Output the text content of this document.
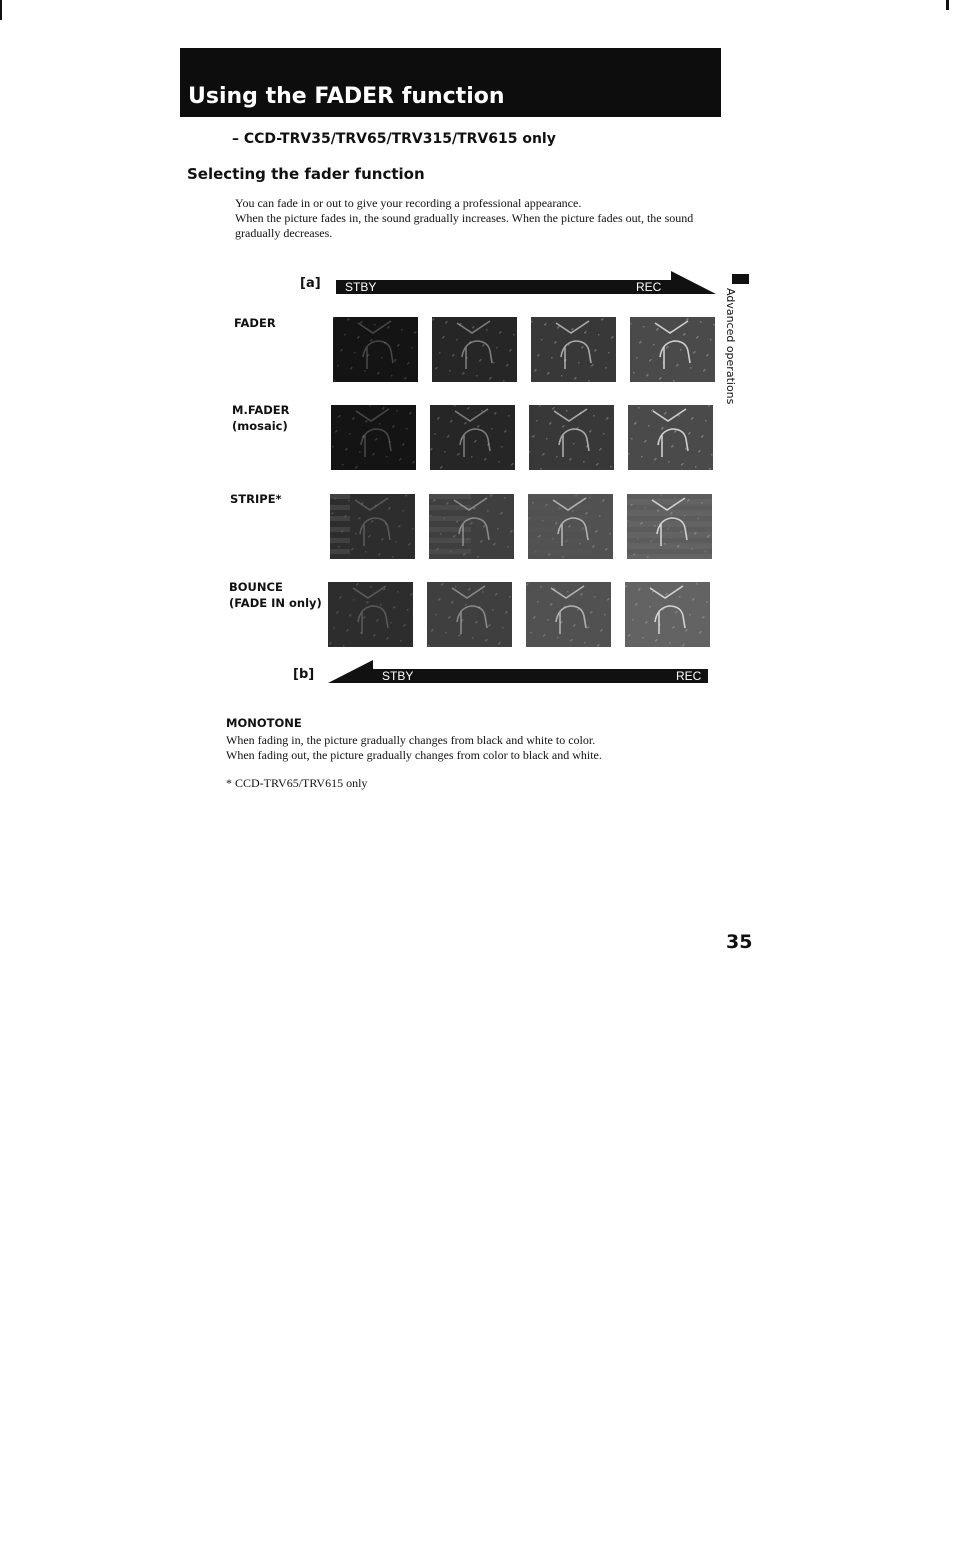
Using the FADER function
– CCD-TRV35/TRV65/TRV315/TRV615 only
Selecting the fader function

You can fade in or out to give your recording a professional appearance.

When the picture fades in, the sound gradually increases. When the picture fades out, the sound gradually decreases.

Advanced operations
[a] STBY	REC
FADER
M.FADER
(mosaic)
STRIPE*
BOUNCE
(FADE IN only)
[b]	STBY	REC
MONOTONE

When fading in, the picture gradually changes from black and white to color.

When fading out, the picture gradually changes from color to black and white.

* CCD-TRV65/TRV615 only
35
